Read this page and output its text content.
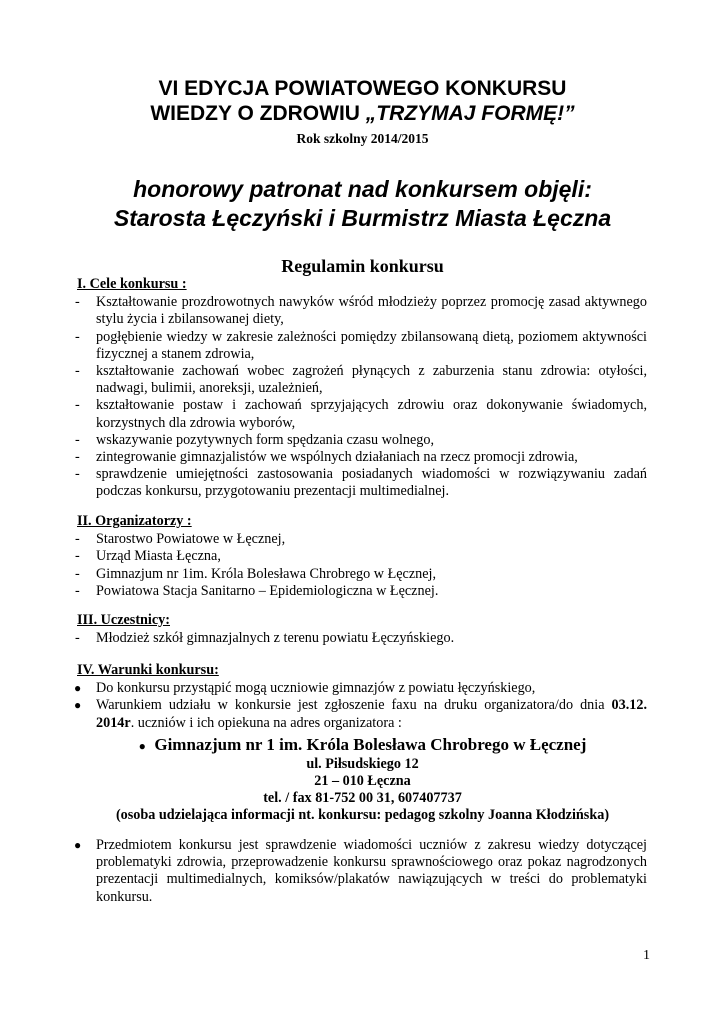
VI EDYCJA POWIATOWEGO KONKURSU
WIEDZY O ZDROWIU „TRZYMAJ FORMĘ!”
Rok szkolny 2014/2015
honorowy patronat nad konkursem objęli:
Starosta Łęczyński i Burmistrz Miasta Łęczna
Regulamin konkursu
I. Cele konkursu :
- Kształtowanie prozdrowotnych nawyków wśród młodzieży poprzez promocję zasad aktywnego stylu życia i zbilansowanej diety,
- pogłębienie wiedzy w zakresie zależności pomiędzy zbilansowaną dietą, poziomem aktywności fizycznej a stanem zdrowia,
- kształtowanie zachowań wobec zagrożeń płynących z zaburzenia stanu zdrowia: otyłości, nadwagi, bulimii, anoreksji, uzależnień,
- kształtowanie postaw i zachowań sprzyjających zdrowiu oraz dokonywanie świadomych, korzystnych dla zdrowia wyborów,
- wskazywanie pozytywnych form spędzania czasu wolnego,
- zintegrowanie gimnazjalistów we wspólnych działaniach na rzecz promocji zdrowia,
- sprawdzenie umiejętności zastosowania posiadanych wiadomości w rozwiązywaniu zadań podczas konkursu, przygotowaniu prezentacji multimedialnej.
II. Organizatorzy :
- Starostwo Powiatowe w Łęcznej,
- Urząd Miasta Łęczna,
- Gimnazjum nr 1im. Króla Bolesława Chrobrego w Łęcznej,
- Powiatowa Stacja Sanitarno – Epidemiologiczna w Łęcznej.
III. Uczestnicy:
- Młodzież szkół gimnazjalnych z terenu powiatu Łęczyńskiego.
IV. Warunki konkursu:
● Do konkursu przystąpić mogą uczniowie gimnazjów z powiatu łęczyńskiego,
● Warunkiem udziału w konkursie jest zgłoszenie faxu na druku organizatora/do dnia 03.12. 2014r. uczniów i ich opiekuna na adres organizatora :
● Gimnazjum nr 1 im. Króla Bolesława Chrobrego w Łęcznej
ul. Piłsudskiego 12
21 – 010 Łęczna
tel. / fax 81-752 00 31, 607407737
(osoba udzielająca informacji nt. konkursu: pedagog szkolny Joanna Kłodzińska)
● Przedmiotem konkursu jest sprawdzenie wiadomości uczniów z zakresu wiedzy dotyczącej problematyki zdrowia, przeprowadzenie konkursu sprawnościowego oraz pokaz nagrodzonych prezentacji multimedialnych, komiksów/plakatów nawiązujących w treści do problematyki konkursu.
1
